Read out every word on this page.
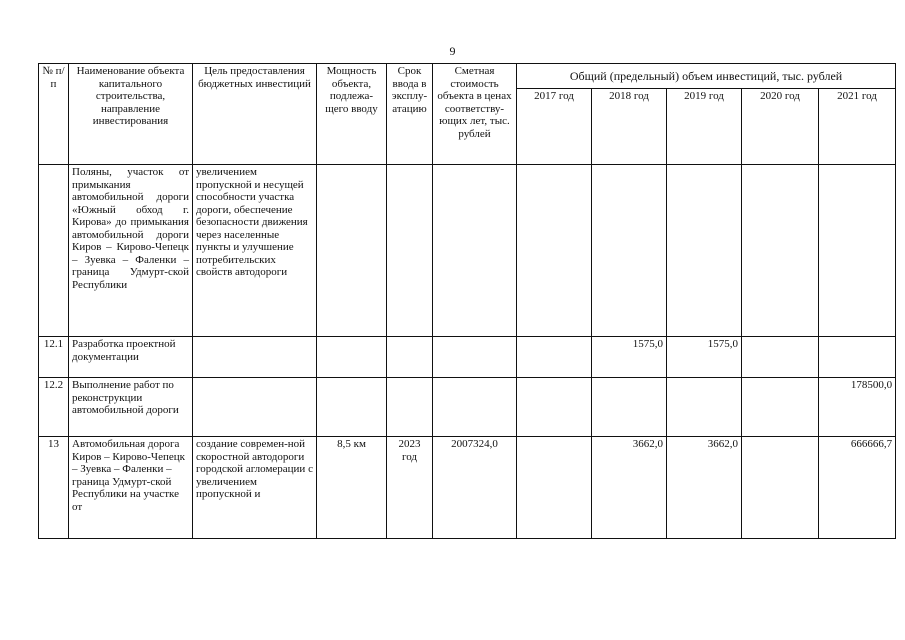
9
№ п/п	Наименование объекта капитального строительства, направление инвестирования	Цель предоставления бюджетных инвестиций	Мощность объекта, подлежа-щего вводу	Срок ввода в эксплу-атацию	Сметная стоимость объекта в ценах соответству-ющих лет, тыс. рублей	Общий (предельный) объем инвестиций, тыс. рублей				
						2017 год	2018 год	2019 год	2020 год	2021 год
	Поляны, участок от примыкания автомобильной дороги «Южный обход г. Кирова» до примыкания автомобильной дороги Киров – Кирово-Чепецк – Зуевка – Фаленки – граница Удмурт-ской Республики	увеличением пропускной и несущей способности участка дороги, обеспечение безопасности движения через населенные пункты и улучшение потребительских свойств автодороги								
12.1	Разработка проектной документации						1575,0	1575,0		
12.2	Выполнение работ по реконструкции автомобильной дороги									178500,0
13	Автомобильная дорога Киров – Кирово-Чепецк – Зуевка – Фаленки – граница Удмурт-ской Республики на участке от	создание современ-ной скоростной автодороги городской агломерации с увеличением пропускной и	8,5 км	2023 год	2007324,0		3662,0	3662,0		666666,7
